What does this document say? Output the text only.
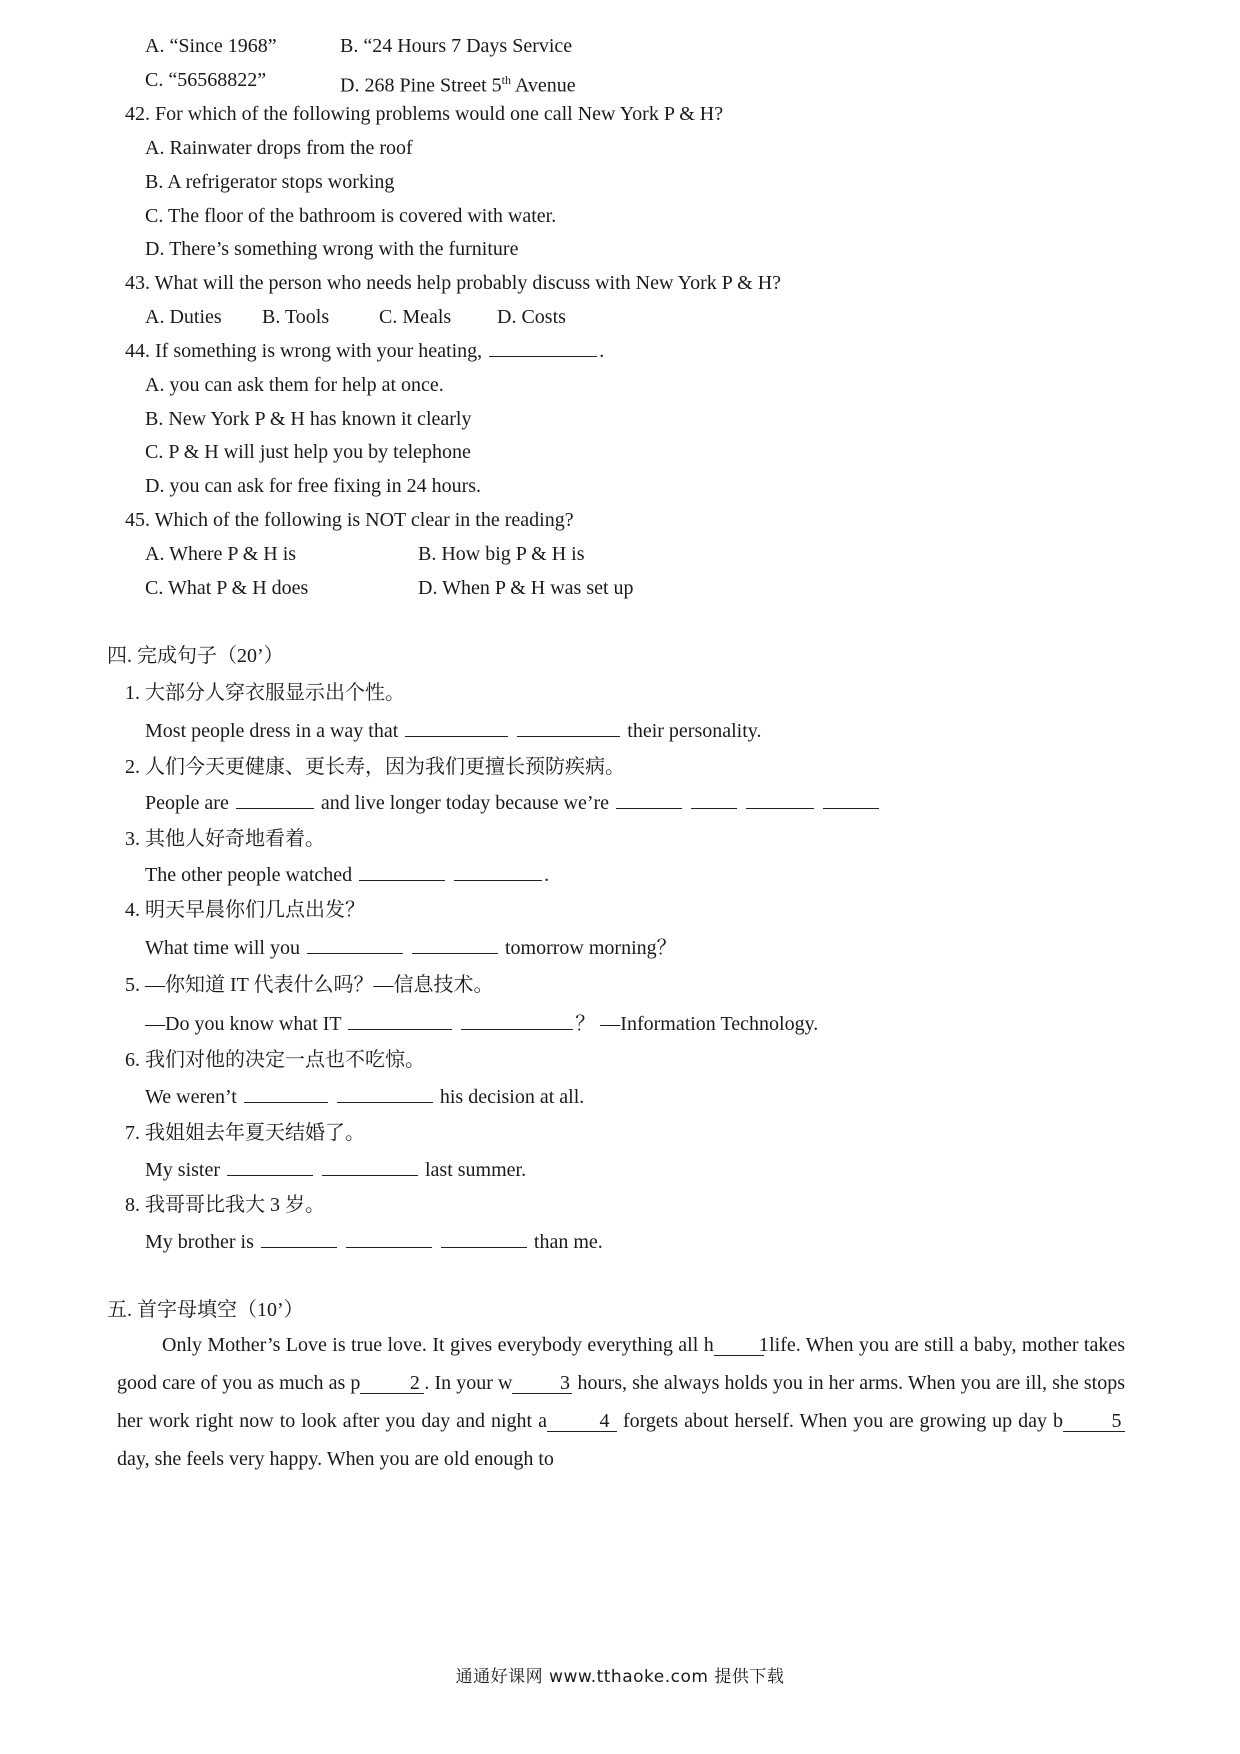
A. “Since 1968”	B. “24 Hours 7 Days Service
C. “56568822”	D. 268 Pine Street 5th Avenue
42. For which of the following problems would one call New York P & H?
A. Rainwater drops from the roof
B. A refrigerator stops working
C. The floor of the bathroom is covered with water.
D. There’s something wrong with the furniture
43. What will the person who needs help probably discuss with New York P & H?
A. Duties B. Tools C. Meals D. Costs
44. If something is wrong with your heating,	.
A. you can ask them for help at once.
B. New York P & H has known it clearly
C. P & H will just help you by telephone
D. you can ask for free fixing in 24 hours.
45. Which of the following is NOT clear in the reading?
A. Where P & H is	B. How big P & H is
C. What P & H does	D. When P & H was set up
四. 完成句子（20’）
1. 大部分人穿衣服显示出个性。
Most people dress in a way that	their personality.
2. 人们今天更健康、更长寿，因为我们更擅长预防疾病。
People are	and live longer today because we’re
3. 其他人好奇地看着。
The other people watched	.
4. 明天早晨你们几点出发？
What time will you	tomorrow morning？
5. —你知道 IT 代表什么吗？—信息技术。
—Do you know what IT	？ —Information Technology.
6. 我们对他的决定一点也不吃惊。
We weren’t	his decision at all.
7. 我姐姐去年夏天结婚了。
My sister	last summer.
8. 我哥哥比我大 3 岁。
My brother is	than me.
五. 首字母填空（10’）
Only Mother’s Love is true love. It gives everybody everything all h 1 life. When you are still a baby, mother takes good care of you as much as p 2 . In your w 3 hours, she always holds you in her arms. When you are ill, she stops her work right now to look after you day and night a	4 forgets about herself. When you are growing up day b 5 day, she feels very happy. When you are old enough to
通通好课网 www.tthaoke.com 提供下载
